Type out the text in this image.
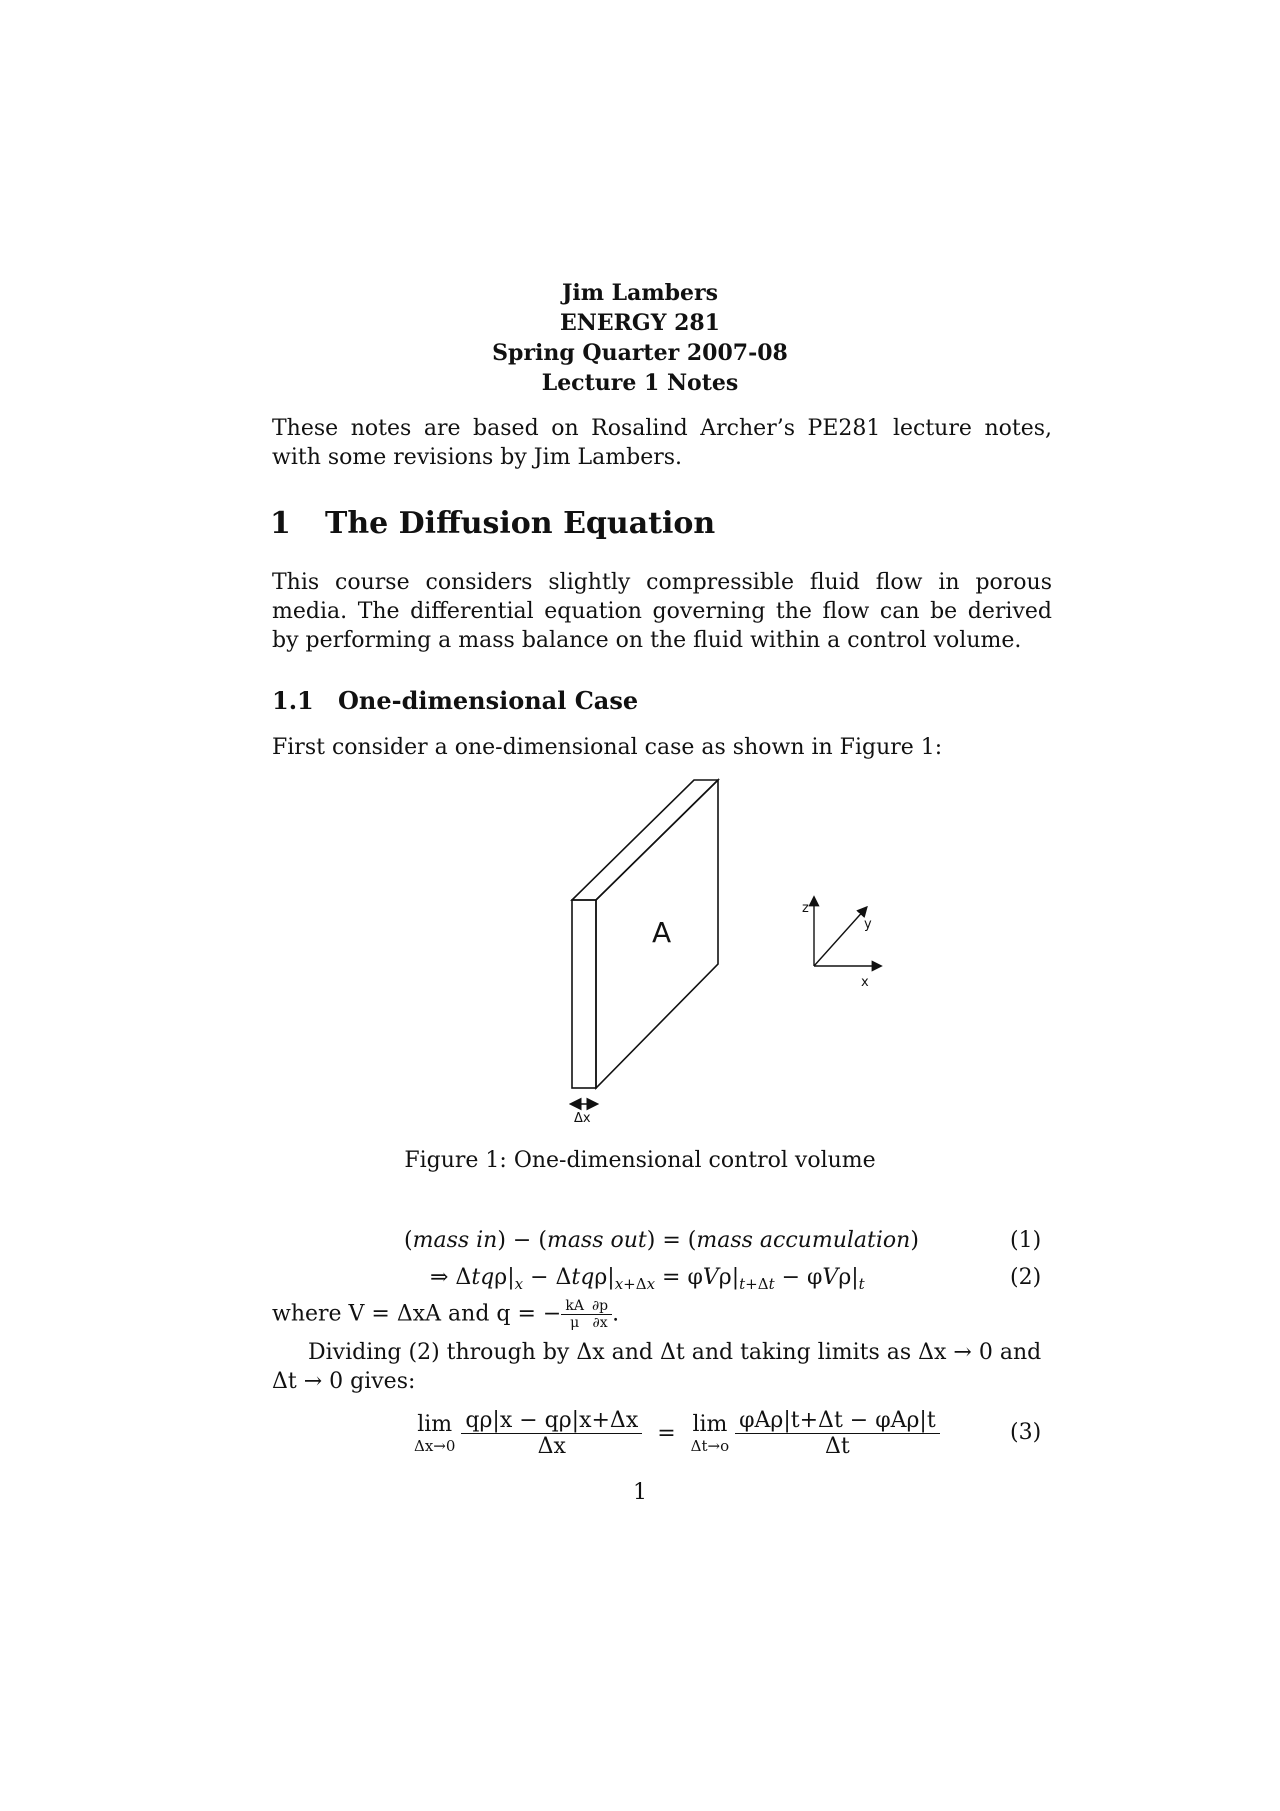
Jim Lambers
ENERGY 281
Spring Quarter 2007-08
Lecture 1 Notes

These notes are based on Rosalind Archer’s PE281 lecture notes, with some revisions by Jim Lambers.

1 The Diffusion Equation

This course considers slightly compressible fluid flow in porous media. The differential equation governing the flow can be derived by performing a mass balance on the fluid within a control volume.

1.1 One-dimensional Case

First consider a one-dimensional case as shown in Figure 1:

A
Δx
z
y
x
Figure 1: One-dimensional control volume
(mass in) − (mass out) = (mass accumulation)	(1)
⇒ $\Delta tq\rho|_x - \Delta tq\rho|_{x+\Delta x} = \varphi V\rho|_{t+\Delta t} - \varphi V\rho|_t$	(2)
where V = ΔxA and q = − $\frac{kA}{\mu} \frac{\partial p}{\partial x}$ .

Dividing (2) through by Δx and Δt and taking limits as Δx → 0 and

Δt → 0 gives:

lim
$\Delta x\to 0 \frac{q\rho|x - q\rho|x+\Delta x}{\Delta x} = \lim$
$\Delta t\to o \frac{\text{φAρ|t+Δt − φAρ|t}}{\Delta t}$	(3)
1
